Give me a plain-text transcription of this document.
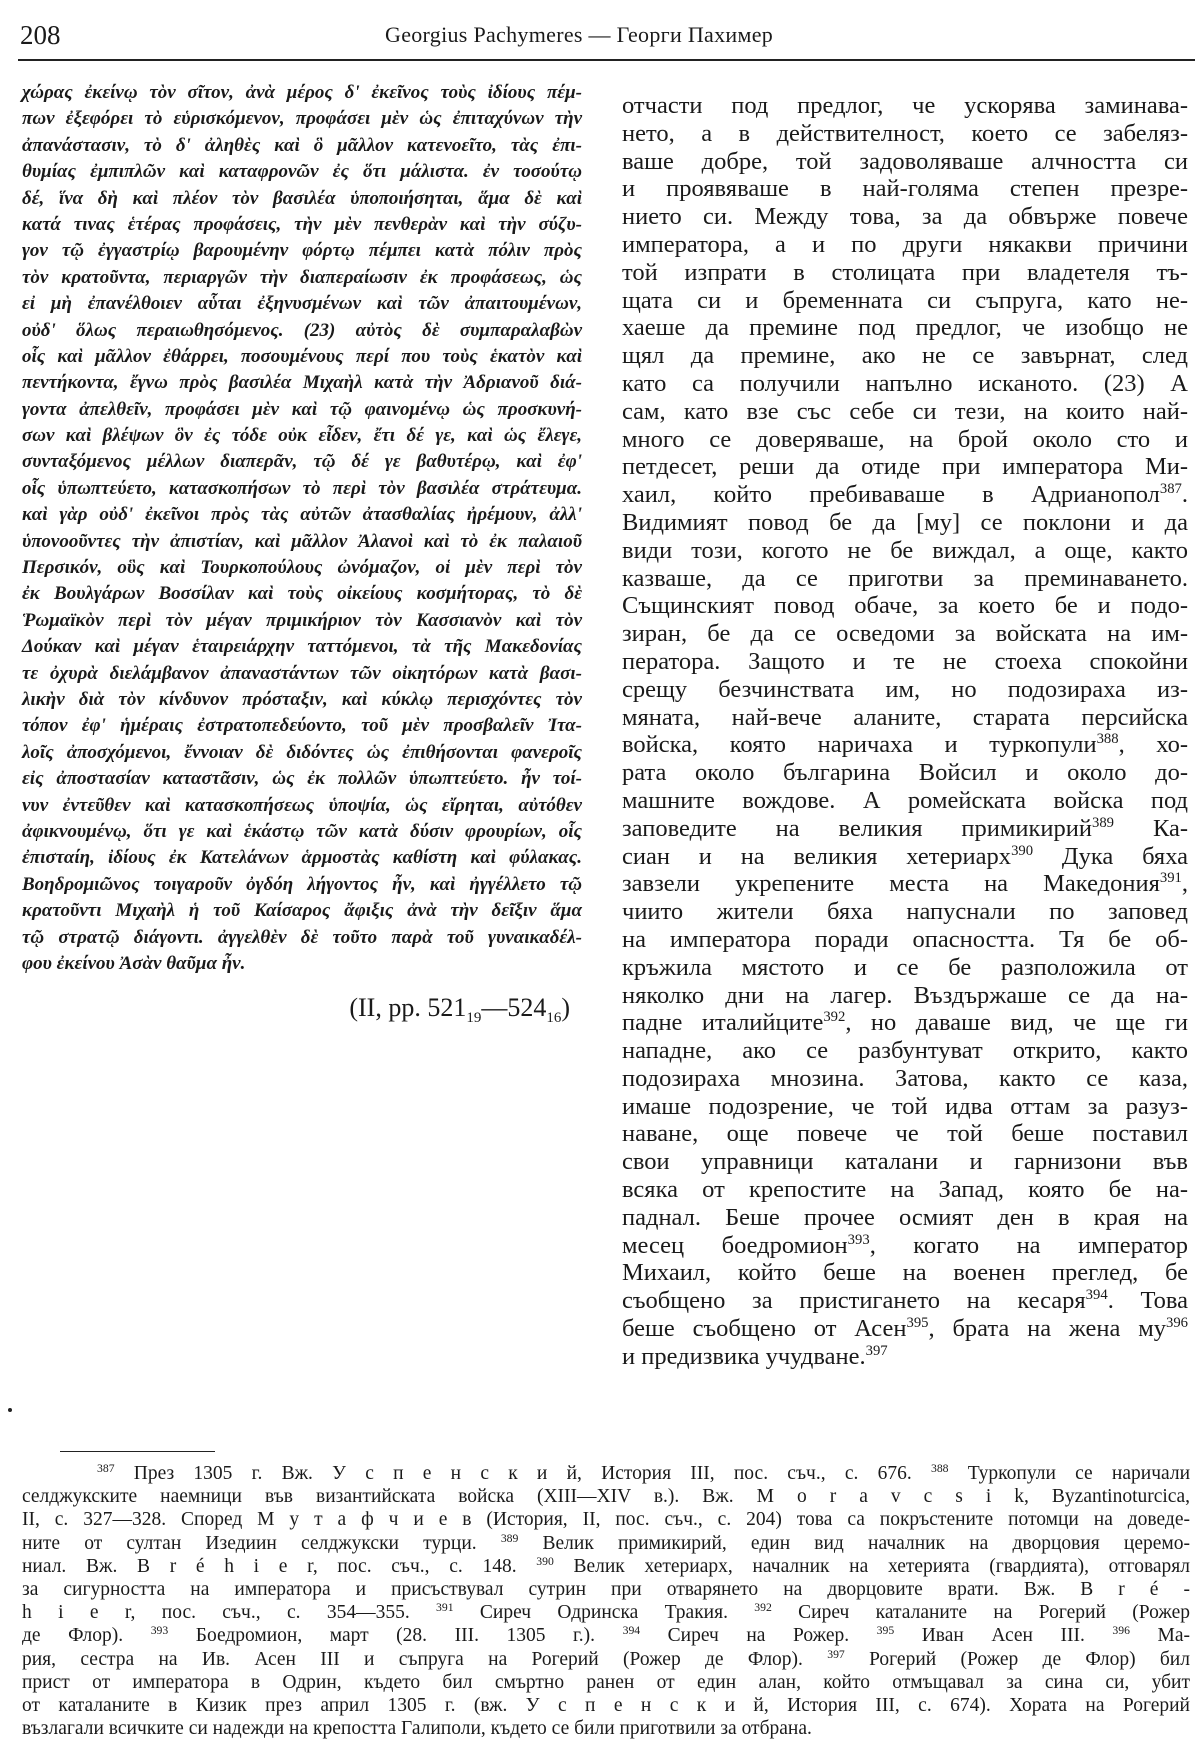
208	Georgius Pachymeres — Георги Пахимер
χώρας ἐκείνῳ τὸν σῖτον, ἀνὰ μέρος δ' ἐκεῖνος τοὺς ἰδίους πέμ-
πων ἐξεφόρει τὸ εὑρισκόμενον, προφάσει μὲν ὡς ἐπιταχύνων τὴν
ἀπανάστασιν, τὸ δ' ἀληθὲς καὶ ὃ μᾶλλον κατενοεῖτο, τὰς ἐπι-
θυμίας ἐμπιπλῶν καὶ καταφρονῶν ἐς ὅτι μάλιστα. ἐν τοσούτῳ
δέ, ἵνα δὴ καὶ πλέον τὸν βασιλέα ὑποποιήσηται, ἅμα δὲ καὶ
κατά τινας ἑτέρας προφάσεις, τὴν μὲν πενθερὰν καὶ τὴν σύζυ-
γον τῷ ἐγγαστρίῳ βαρουμένην φόρτῳ πέμπει κατὰ πόλιν πρὸς
τὸν κρατοῦντα, περιαργῶν τὴν διαπεραίωσιν ἐκ προφάσεως, ὡς
εἰ μὴ ἐπανέλθοιεν αὗται ἐξηνυσμένων καὶ τῶν ἀπαιτουμένων,
οὐδ' ὅλως περαιωθησόμενος. (23) αὐτὸς δὲ συμπαραλαβὼν
οἷς καὶ μᾶλλον ἐθάρρει, ποσουμένους περί που τοὺς ἑκατὸν καὶ
πεντήκοντα, ἔγνω πρὸς βασιλέα Μιχαὴλ κατὰ τὴν Ἀδριανοῦ διά-
γοντα ἀπελθεῖν, προφάσει μὲν καὶ τῷ φαινομένῳ ὡς προσκυνή-
σων καὶ βλέψων ὃν ἐς τόδε οὐκ εἶδεν, ἔτι δέ γε, καὶ ὡς ἔλεγε,
συνταξόμενος μέλλων διαπερᾶν, τῷ δέ γε βαθυτέρῳ, καὶ ἐφ'
οἷς ὑπωπτεύετο, κατασκοπήσων τὸ περὶ τὸν βασιλέα στράτευμα.
καὶ γὰρ οὐδ' ἐκεῖνοι πρὸς τὰς αὐτῶν ἀτασθαλίας ἠρέμουν, ἀλλ'
ὑπονοοῦντες τὴν ἀπιστίαν, καὶ μᾶλλον Ἀλανοὶ καὶ τὸ ἐκ παλαιοῦ
Περσικόν, οὓς καὶ Τουρκοπούλους ὠνόμαζον, οἱ μὲν περὶ τὸν
ἐκ Βουλγάρων Βοσσίλαν καὶ τοὺς οἰκείους κοσμήτορας, τὸ δὲ
Ῥωμαϊκὸν περὶ τὸν μέγαν πριμικήριον τὸν Κασσιανὸν καὶ τὸν
Δούκαν καὶ μέγαν ἑταιρειάρχην ταττόμενοι, τὰ τῆς Μακεδονίας
τε ὀχυρὰ διελάμβανον ἀπαναστάντων τῶν οἰκητόρων κατὰ βασι-
λικὴν διὰ τὸν κίνδυνον πρόσταξιν, καὶ κύκλῳ περισχόντες τὸν
τόπον ἐφ' ἡμέραις ἐστρατοπεδεύοντο, τοῦ μὲν προσβαλεῖν Ἰτα-
λοῖς ἀποσχόμενοι, ἔννοιαν δὲ διδόντες ὡς ἐπιθήσονται φανεροῖς
εἰς ἀποστασίαν καταστᾶσιν, ὡς ἐκ πολλῶν ὑπωπτεύετο. ἦν τοί-
νυν ἐντεῦθεν καὶ κατασκοπήσεως ὑποψία, ὡς εἴρηται, αὐτόθεν
ἀφικνουμένῳ, ὅτι γε καὶ ἑκάστῳ τῶν κατὰ δύσιν φρουρίων, οἷς
ἐπισταίη, ἰδίους ἐκ Κατελάνων ἁρμοστὰς καθίστη καὶ φύλακας.
Βοηδρομιῶνος τοιγαροῦν ὀγδόη λήγοντος ἦν, καὶ ἠγγέλλετο τῷ
κρατοῦντι Μιχαὴλ ἡ τοῦ Καίσαρος ἄφιξις ἀνὰ τὴν δεῖξιν ἅμα
τῷ στρατῷ διάγοντι. ἀγγελθὲν δὲ τοῦτο παρὰ τοῦ γυναικαδέλ-
φου ἐκείνου Ἀσὰν θαῦμα ἦν.
(II, pp. $521_{19}—524_{16}$)
отчасти под предлог, че ускорява заминава-
нето, а в действителност, което се забеляз-
ваше добре, той задоволяваше алчността си
и проявяваше в най-голяма степен презре-
нието си. Между това, за да обвърже повече
императора, а и по други някакви причини
той изпрати в столицата при владетеля тъ-
щата си и бременната си съпруга, като не-
хаеше да премине под предлог, че изобщо не
щял да премине, ако не се завърнат, след
като са получили напълно исканото. (23) А
сам, като взе със себе си тези, на които най-
много се доверяваше, на брой около сто и
петдесет, реши да отиде при императора Ми-
хаил, който пребиваваше в Адрианопол$^{387}$.
Видимият повод бе да [му] се поклони и да
види този, когото не бе виждал, а още, както
казваше, да се приготви за преминаването.
Същинският повод обаче, за което бе и подо-
зиран, бе да се осведоми за войската на им-
ператора. Защото и те не стоеха спокойни
срещу безчинствата им, но подозираха из-
мяната, най-вече аланите, старата персийска
войска, която наричаха и туркопули$^{388}$, хо-
рата около българина Войсил и около до-
машните вождове. А ромейската войска под
заповедите на великия примикирий$^{389}$ Ка-
сиан и на великия хетериарх$^{390}$ Дука бяха
завзели укрепените места на Македония$^{391}$,
чиито жители бяха напуснали по заповед
на императора поради опасността. Тя бе об-
кръжила мястото и се бе разположила от
няколко дни на лагер. Въздържаше се да на-
падне италийците$^{392}$, но даваше вид, че ще ги
нападне, ако се разбунтуват открито, както
подозираха мнозина. Затова, както се каза,
имаше подозрение, че той идва оттам за разуз-
наване, още повече че той беше поставил
свои управници каталани и гарнизони във
всяка от крепостите на Запад, която бе на-
паднал. Беше прочее осмият ден в края на
месец боедромион$^{393}$, когато на император
Михаил, който беше на военен преглед, бе
съобщено за пристигането на кесаря$^{394}$. Това
беше съобщено от Асен$^{395}$, брата на жена $му^{396}$
и предизвика учудване.$^{397}$
$^{387}$ През 1305 г. Вж. У с п е н с к и й, История III, пос. съч., с. 676. $^{388}$ Туркопули се наричали
селджукските наемници във византийската войска (XIII—XIV в.). Вж. M o r a v c s i k, Byzantinoturcica,
II, с. 327—328. Според М у т а ф ч и е в (История, II, пос. съч., с. 204) това са покръстените потомци на доведе-
ните от султан Изедиин селджукски турци. $^{389}$ Велик примикирий, един вид началник на дворцовия церемо-
ниал. Вж. B r é h i e r, пос. съч., с. 148. $^{390}$ Велик хетериарх, началник на хетерията (гвардията), отговарял
за сигурността на императора и присъствувал сутрин при отварянето на дворцовите врати. Вж. B r é -
h i e r, пос. съч., с. 354—355. $^{391}$ Сиреч Одринска Тракия. $^{392}$ Сиреч каталаните на Рогерий (Рожер
де Флор). $^{393}$ Боедромион, март (28. III. 1305 г.). $^{394}$ Сиреч на Рожер. $^{395}$ Иван Асен III. $^{396}$ Ма-
рия, сестра на Ив. Асен III и съпруга на Рогерий (Рожер де Флор). $^{397}$ Рогерий (Рожер де Флор) бил
прист от императора в Одрин, където бил смъртно ранен от един алан, който отмъщавал за сина си, убит
от каталаните в Кизик през април 1305 г. (вж. У с п е н с к и й, История III, с. 674). Хората на Рогерий
възлагали всичките си надежди на крепостта Галиполи, където се били приготвили за отбрана.
